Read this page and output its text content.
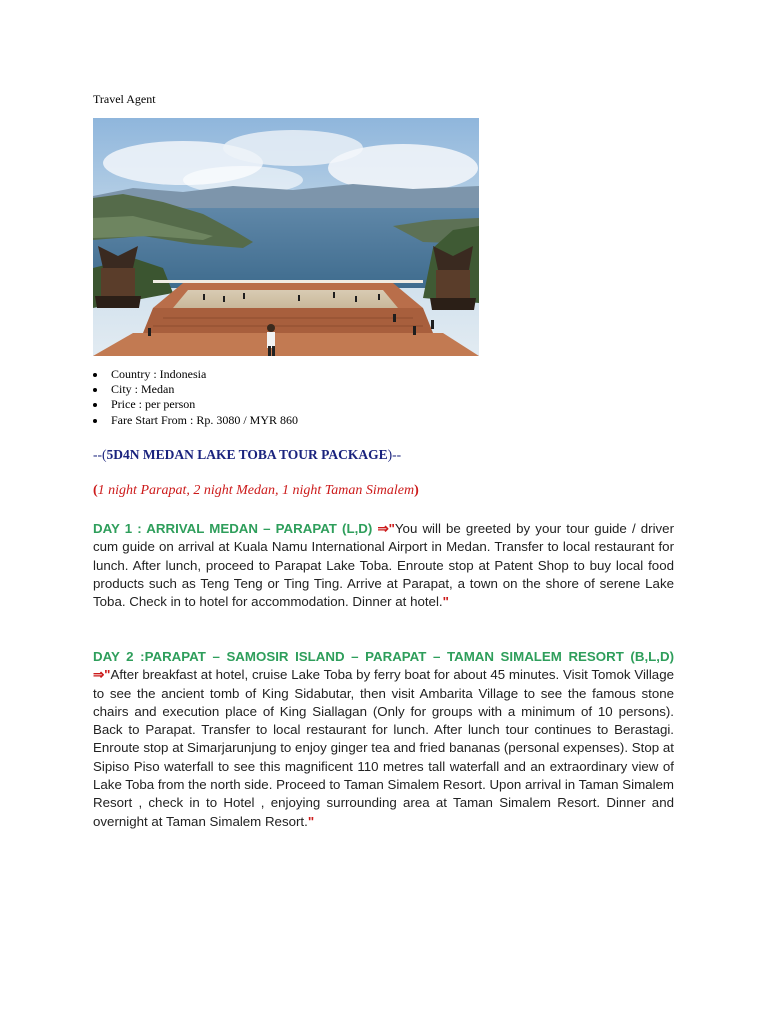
Travel Agent
Country : Indonesia
City : Medan
Price : per person
Fare Start From : Rp. 3080 / MYR 860
--(5D4N MEDAN LAKE TOBA TOUR PACKAGE)--
(1 night Parapat, 2 night Medan, 1 night Taman Simalem)
DAY 1 : ARRIVAL MEDAN – PARAPAT (L,D) ⇒"You will be greeted by your tour guide / driver cum guide on arrival at Kuala Namu International Airport in Medan. Transfer to local restaurant for lunch. After lunch, proceed to Parapat Lake Toba. Enroute stop at Patent Shop to buy local food products such as Teng Teng or Ting Ting. Arrive at Parapat, a town on the shore of serene Lake Toba. Check in to hotel for accommodation. Dinner at hotel."
DAY 2 :PARAPAT – SAMOSIR ISLAND – PARAPAT – TAMAN SIMALEM RESORT (B,L,D) ⇒"After breakfast at hotel, cruise Lake Toba by ferry boat for about 45 minutes. Visit Tomok Village to see the ancient tomb of King Sidabutar, then visit Ambarita Village to see the famous stone chairs and execution place of King Siallagan (Only for groups with a minimum of 10 persons). Back to Parapat. Transfer to local restaurant for lunch. After lunch tour continues to Berastagi. Enroute stop at Simarjarunjung to enjoy ginger tea and fried bananas (personal expenses). Stop at Sipiso Piso waterfall to see this magnificent 110 metres tall waterfall and an extraordinary view of Lake Toba from the north side. Proceed to Taman Simalem Resort. Upon arrival in Taman Simalem Resort , check in to Hotel , enjoying surrounding area at Taman Simalem Resort. Dinner and overnight at Taman Simalem Resort."
